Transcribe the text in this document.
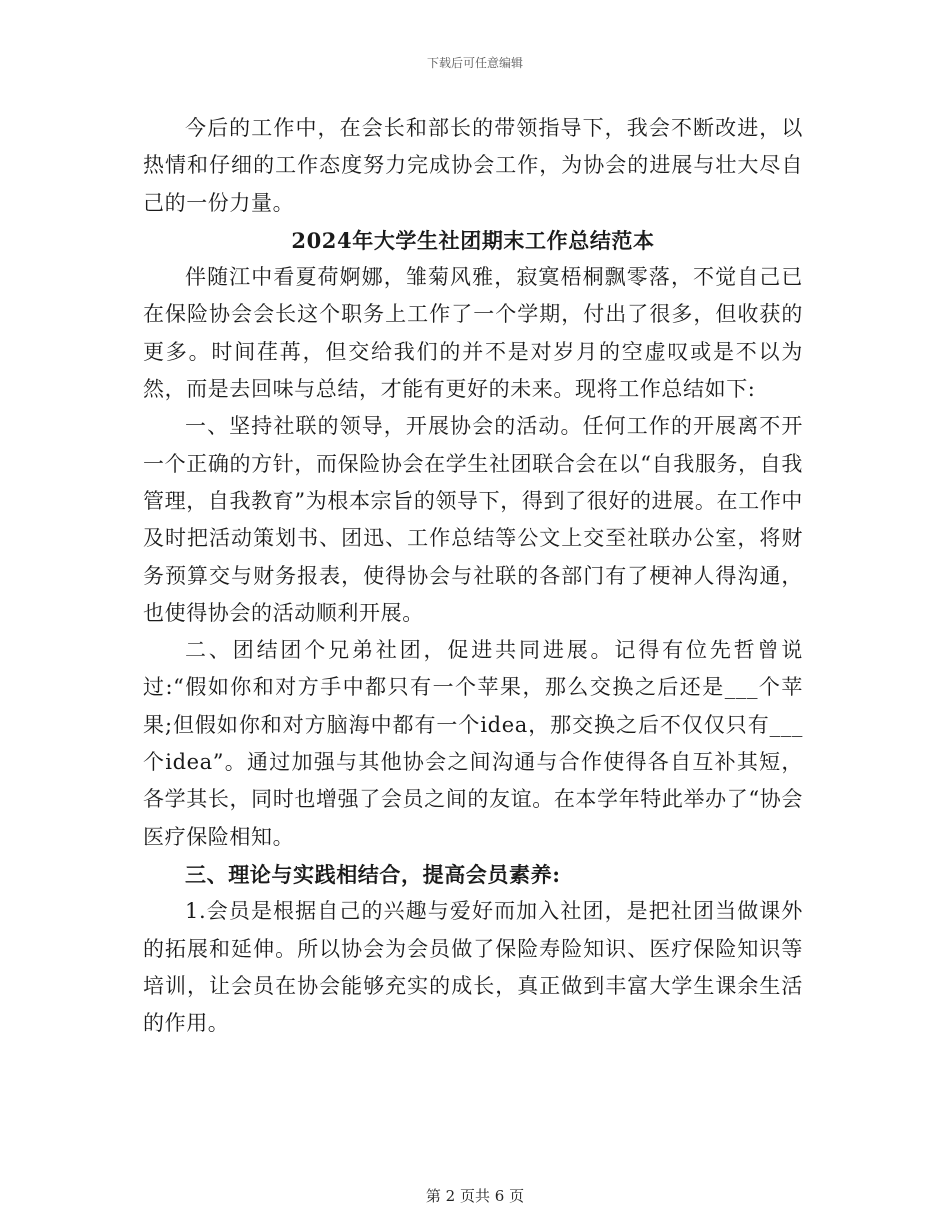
下载后可任意编辑

今后的工作中，在会长和部长的带领指导下，我会不断改进，以热情和仔细的工作态度努力完成协会工作，为协会的进展与壮大尽自己的一份力量。

2024年大学生社团期末工作总结范本

伴随江中看夏荷婀娜，雏菊风雅，寂寞梧桐飘零落，不觉自己已在保险协会会长这个职务上工作了一个学期，付出了很多，但收获的更多。时间荏苒，但交给我们的并不是对岁月的空虚叹或是不以为然，而是去回味与总结，才能有更好的未来。现将工作总结如下:

一、坚持社联的领导，开展协会的活动。任何工作的开展离不开一个正确的方针，而保险协会在学生社团联合会在以“自我服务，自我管理，自我教育”为根本宗旨的领导下，得到了很好的进展。在工作中及时把活动策划书、团迅、工作总结等公文上交至社联办公室，将财务预算交与财务报表，使得协会与社联的各部门有了梗神人得沟通，也使得协会的活动顺利开展。

二、团结团个兄弟社团，促进共同进展。记得有位先哲曾说过:“假如你和对方手中都只有一个苹果，那么交换之后还是___个苹果;但假如你和对方脑海中都有一个idea，那交换之后不仅仅只有___个idea”。通过加强与其他协会之间沟通与合作使得各自互补其短，各学其长，同时也增强了会员之间的友谊。在本学年特此举办了“协会医疗保险相知。

三、理论与实践相结合，提高会员素养:

1.会员是根据自己的兴趣与爱好而加入社团，是把社团当做课外的拓展和延伸。所以协会为会员做了保险寿险知识、医疗保险知识等培训，让会员在协会能够充实的成长，真正做到丰富大学生课余生活的作用。

第 2 页共 6 页
